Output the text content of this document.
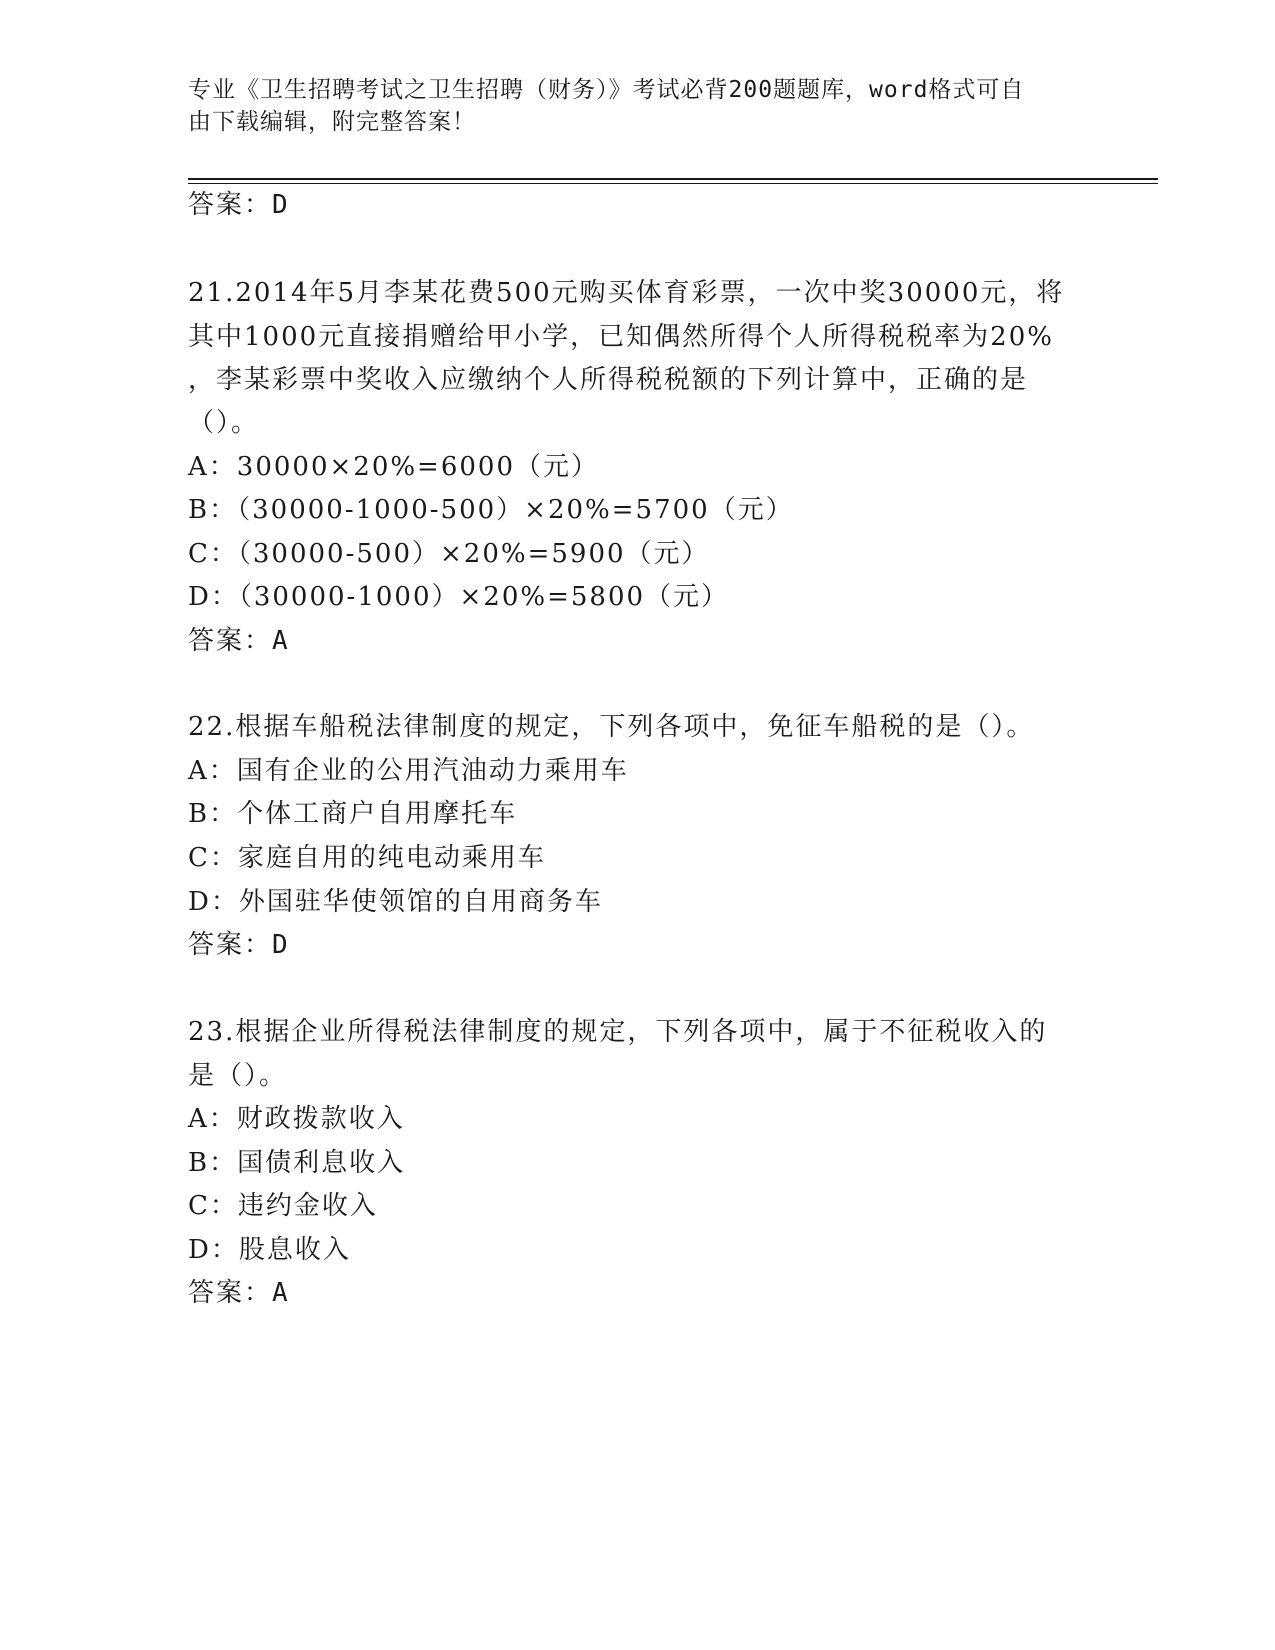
专业《卫生招聘考试之卫生招聘（财务）》考试必背200题题库，word格式可自
由下载编辑，附完整答案！
答案：D
21.2014年5月李某花费500元购买体育彩票，一次中奖30000元，将
其中1000元直接捐赠给甲小学，已知偶然所得个人所得税税率为20%
，李某彩票中奖收入应缴纳个人所得税税额的下列计算中，正确的是
（）。
A：30000×20%=6000（元）
B：（30000-1000-500）×20%=5700（元）
C：（30000-500）×20%=5900（元）
D：（30000-1000）×20%=5800（元）
答案：A
22.根据车船税法律制度的规定，下列各项中，免征车船税的是（）。
A：国有企业的公用汽油动力乘用车
B：个体工商户自用摩托车
C：家庭自用的纯电动乘用车
D：外国驻华使领馆的自用商务车
答案：D
23.根据企业所得税法律制度的规定，下列各项中，属于不征税收入的
是（）。
A：财政拨款收入
B：国债利息收入
C：违约金收入
D：股息收入
答案：A
